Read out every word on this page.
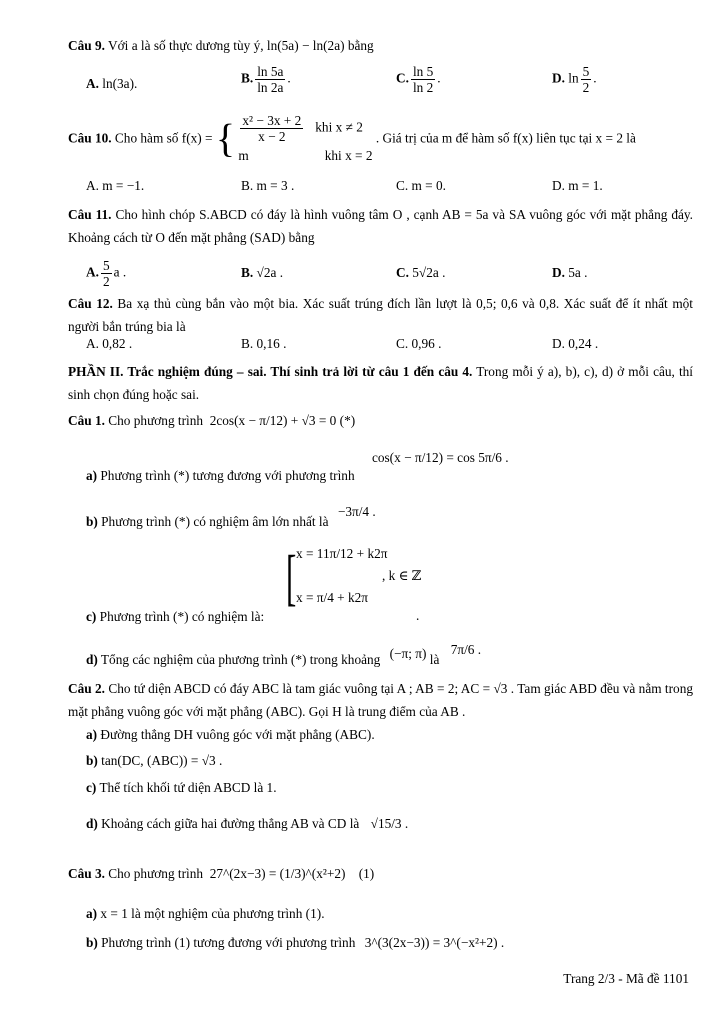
Câu 9. Với a là số thực dương tùy ý, ln(5a) − ln(2a) bằng
A. ln(3a).	B. $\frac{\ln 5a}{\ln 2a}$ .	C. $\frac{\ln 5}{\ln 2}$ .	D. $\ln \frac{5}{2}$ .
Câu 10. Cho hàm số f(x) = { $\frac{\text{x² − 3x + 2}}{x - 2}$ khi x ≠ 2
m	khi x = 2
. Giá trị của m để hàm số f(x) liên tục tại x = 2 là
A. m = −1.	B. m = 3 .	C. m = 0.	D. m = 1.
Câu 11. Cho hình chóp S.ABCD có đáy là hình vuông tâm O , cạnh AB = 5a và SA vuông góc với mặt phẳng đáy. Khoảng cách từ O đến mặt phẳng (SAD) bằng
A. $\frac{5}{2}$ a .	B. √2a .	C. 5√2a .	D. 5a .
Câu 12. Ba xạ thủ cùng bắn vào một bia. Xác suất trúng đích lần lượt là 0,5; 0,6 và 0,8. Xác suất để ít nhất một người bắn trúng bia là
A. 0,82 .	B. 0,16 .	C. 0,96 .	D. 0,24 .
PHẦN II. Trắc nghiệm đúng – sai. Thí sinh trả lời từ câu 1 đến câu 4. Trong mỗi ý a), b), c), d) ở mỗi câu, thí sinh chọn đúng hoặc sai.
Câu 1. Cho phương trình 2cos(x − π/12) + √3 = 0 (*)
a) Phương trình (*) tương đương với phương trình cos(x − π/12) = cos 5π/6 .
b) Phương trình (*) có nghiệm âm lớn nhất là −3π/4 .
c) Phương trình (*) có nghiệm là:
[ x = 11π/12 + k2π
, k ∈ ℤ
x = π/4 + k2π
.
d) Tổng các nghiệm của phương trình (*) trong khoảng (−π; π) là 7π/6 .
Câu 2. Cho tứ diện ABCD có đáy ABC là tam giác vuông tại A ; AB = 2; AC = √3 . Tam giác ABD đều và nằm trong mặt phẳng vuông góc với mặt phẳng (ABC). Gọi H là trung điểm của AB .
a) Đường thẳng DH vuông góc với mặt phẳng (ABC).
b) tan(DC, (ABC)) = √3 .
c) Thể tích khối tứ diện ABCD là 1.
d) Khoảng cách giữa hai đường thẳng AB và CD là √15/3 .
Câu 3. Cho phương trình 27^(2x−3) = (1/3)^(x²+2) (1)
a) x = 1 là một nghiệm của phương trình (1).
b) Phương trình (1) tương đương với phương trình 3^(3(2x−3)) = 3^(−x²+2) .
Trang 2/3 - Mã đề 1101
